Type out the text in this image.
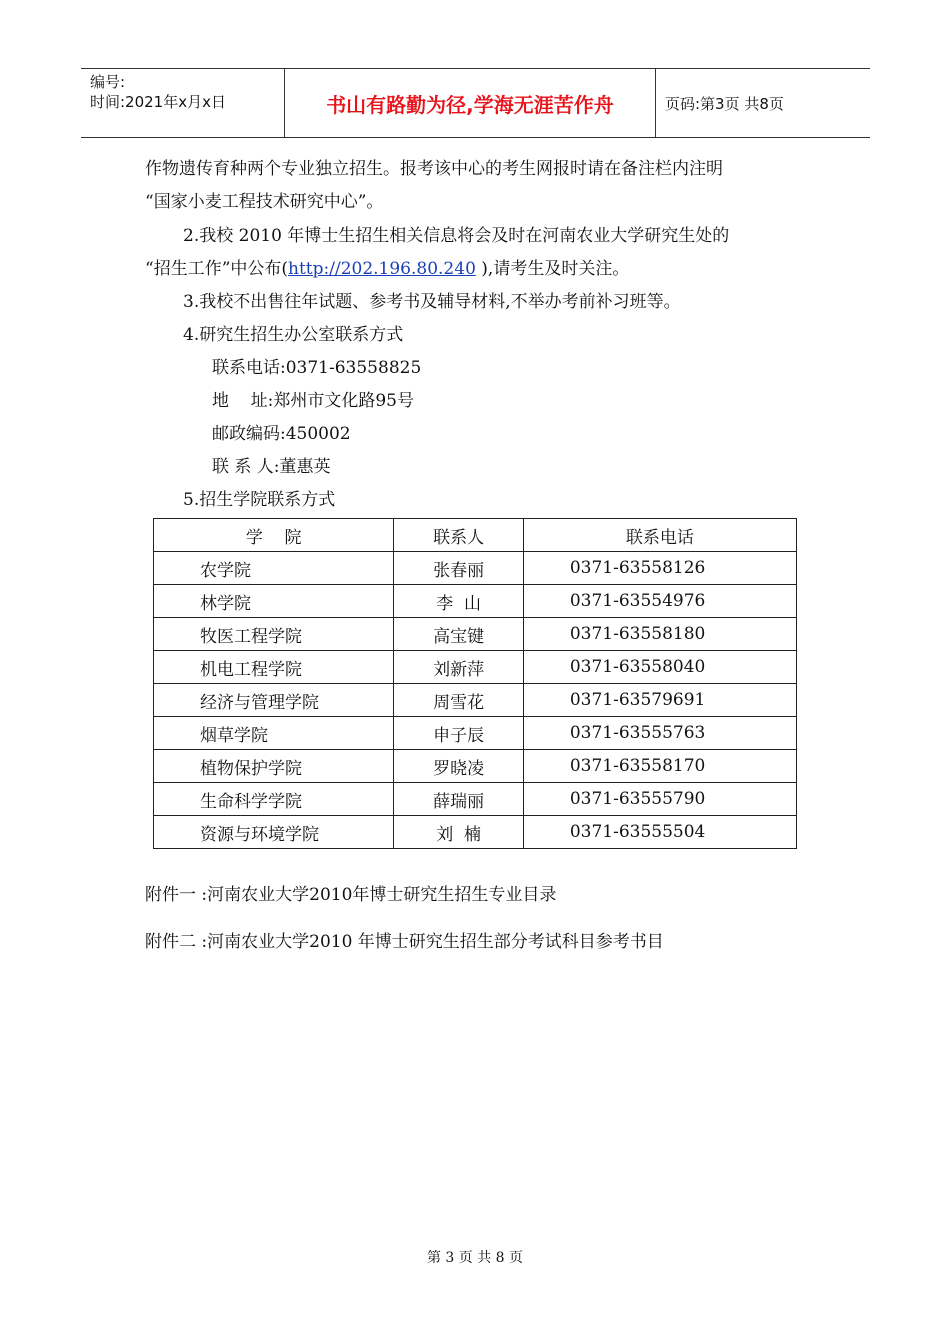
编号:
时间:2021年x月x日	书山有路勤为径,学海无涯苦作舟	页码:第3页 共8页
作物遗传育种两个专业独立招生。报考该中心的考生网报时请在备注栏内注明
“国家小麦工程技术研究中心”。
2.我校 2010 年博士生招生相关信息将会及时在河南农业大学研究生处的
“招生工作”中公布(http://202.196.80.240 ),请考生及时关注。
3.我校不出售往年试题、参考书及辅导材料,不举办考前补习班等。
4.研究生招生办公室联系方式
联系电话:0371-63558825
地    址:郑州市文化路95号
邮政编码:450002
联 系 人:董惠英
5.招生学院联系方式
学    院	联系人	联系电话
农学院	张春丽	0371-63558126
林学院	李  山	0371-63554976
牧医工程学院	高宝键	0371-63558180
机电工程学院	刘新萍	0371-63558040
经济与管理学院	周雪花	0371-63579691
烟草学院	申子辰	0371-63555763
植物保护学院	罗晓凌	0371-63558170
生命科学学院	薛瑞丽	0371-63555790
资源与环境学院	刘  楠	0371-63555504
附件一 :河南农业大学2010年博士研究生招生专业目录
附件二 :河南农业大学2010 年博士研究生招生部分考试科目参考书目
第 3 页 共 8 页
